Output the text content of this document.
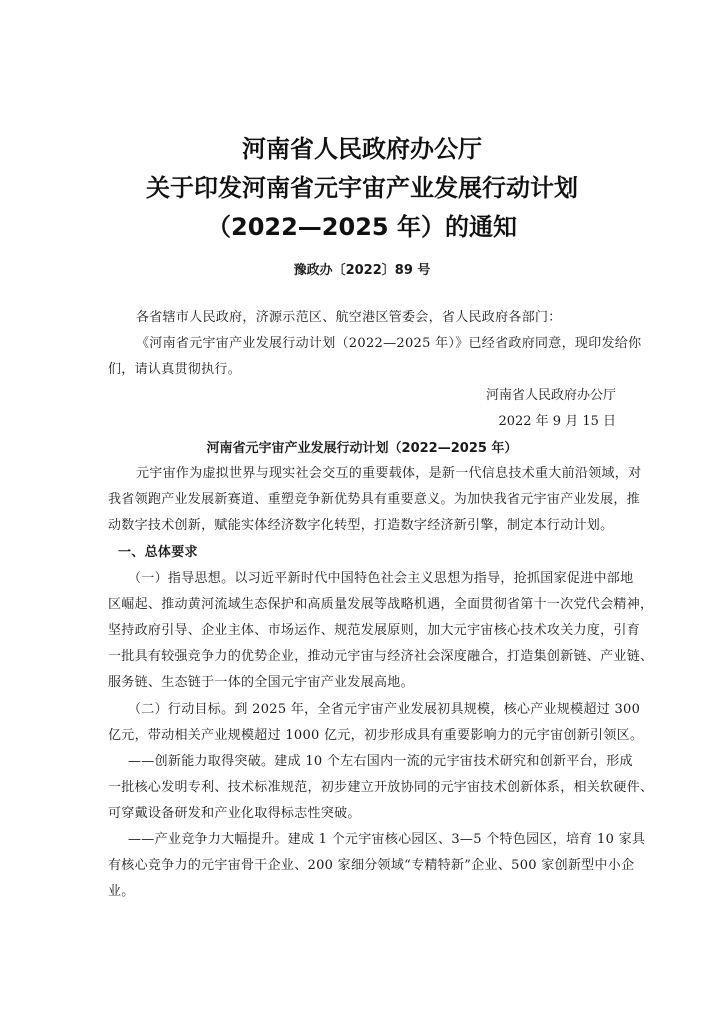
河南省人民政府办公厅
关于印发河南省元宇宙产业发展行动计划
（2022—2025 年）的通知
豫政办〔2022〕89 号
各省辖市人民政府，济源示范区、航空港区管委会，省人民政府各部门：
《河南省元宇宙产业发展行动计划（2022—2025 年）》已经省政府同意，现印发给你
们，请认真贯彻执行。
河南省人民政府办公厅
2022 年 9 月 15 日
河南省元宇宙产业发展行动计划（2022—2025 年）
元宇宙作为虚拟世界与现实社会交互的重要载体，是新一代信息技术重大前沿领域，对
我省领跑产业发展新赛道、重塑竞争新优势具有重要意义。为加快我省元宇宙产业发展，推
动数字技术创新，赋能实体经济数字化转型，打造数字经济新引擎，制定本行动计划。
一、总体要求
（一）指导思想。以习近平新时代中国特色社会主义思想为指导，抢抓国家促进中部地
区崛起、推动黄河流域生态保护和高质量发展等战略机遇，全面贯彻省第十一次党代会精神，
坚持政府引导、企业主体、市场运作、规范发展原则，加大元宇宙核心技术攻关力度，引育
一批具有较强竞争力的优势企业，推动元宇宙与经济社会深度融合，打造集创新链、产业链、
服务链、生态链于一体的全国元宇宙产业发展高地。
（二）行动目标。到 2025 年，全省元宇宙产业发展初具规模，核心产业规模超过 300
亿元，带动相关产业规模超过 1000 亿元，初步形成具有重要影响力的元宇宙创新引领区。
——创新能力取得突破。建成 10 个左右国内一流的元宇宙技术研究和创新平台，形成
一批核心发明专利、技术标准规范，初步建立开放协同的元宇宙技术创新体系，相关软硬件、
可穿戴设备研发和产业化取得标志性突破。
——产业竞争力大幅提升。建成 1 个元宇宙核心园区、3—5 个特色园区，培育 10 家具
有核心竞争力的元宇宙骨干企业、200 家细分领域“专精特新”企业、500 家创新型中小企
业。
